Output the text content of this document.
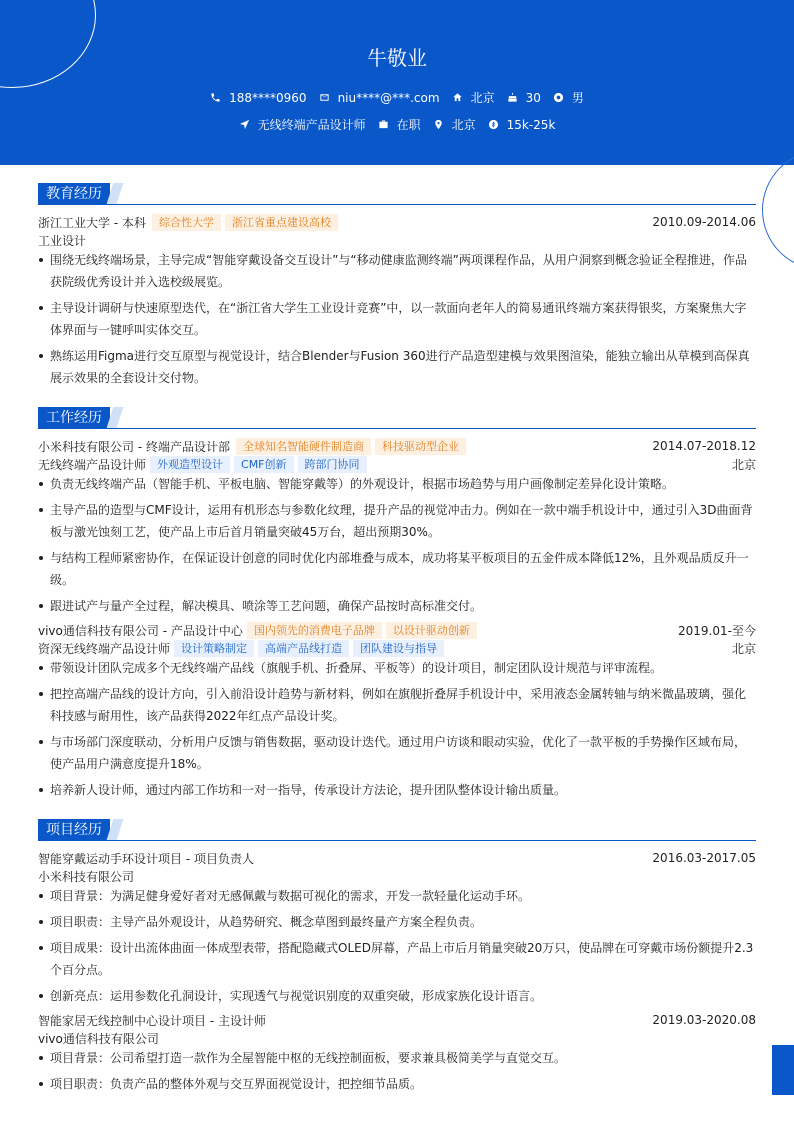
牛敬业
188****0960	niu****@***.com	北京	30	男
无线终端产品设计师	在职	北京	15k-25k
教育经历
浙江工业大学 - 本科	综合性大学	浙江省重点建设高校	2010.09-2014.06
工业设计
围绕无线终端场景，主导完成“智能穿戴设备交互设计”与“移动健康监测终端”两项课程作品，从用户洞察到概念验证全程推进，作品获院级优秀设计并入选校级展览。
主导设计调研与快速原型迭代，在“浙江省大学生工业设计竞赛”中，以一款面向老年人的简易通讯终端方案获得银奖，方案聚焦大字体界面与一键呼叫实体交互。
熟练运用Figma进行交互原型与视觉设计，结合Blender与Fusion 360进行产品造型建模与效果图渲染，能独立输出从草模到高保真展示效果的全套设计交付物。
工作经历
小米科技有限公司 - 终端产品设计部	全球知名智能硬件制造商	科技驱动型企业	2014.07-2018.12
无线终端产品设计师	外观造型设计	CMF创新	跨部门协同	北京
负责无线终端产品（智能手机、平板电脑、智能穿戴等）的外观设计，根据市场趋势与用户画像制定差异化设计策略。
主导产品的造型与CMF设计，运用有机形态与参数化纹理，提升产品的视觉冲击力。例如在一款中端手机设计中，通过引入3D曲面背板与激光蚀刻工艺，使产品上市后首月销量突破45万台，超出预期30%。
与结构工程师紧密协作，在保证设计创意的同时优化内部堆叠与成本，成功将某平板项目的五金件成本降低12%，且外观品质反升一级。
跟进试产与量产全过程，解决模具、喷涂等工艺问题，确保产品按时高标准交付。
vivo通信科技有限公司 - 产品设计中心	国内领先的消费电子品牌	以设计驱动创新	2019.01-至今
资深无线终端产品设计师	设计策略制定	高端产品线打造	团队建设与指导	北京
带领设计团队完成多个无线终端产品线（旗舰手机、折叠屏、平板等）的设计项目，制定团队设计规范与评审流程。
把控高端产品线的设计方向，引入前沿设计趋势与新材料，例如在旗舰折叠屏手机设计中，采用液态金属转轴与纳米微晶玻璃，强化科技感与耐用性，该产品获得2022年红点产品设计奖。
与市场部门深度联动，分析用户反馈与销售数据，驱动设计迭代。通过用户访谈和眼动实验，优化了一款平板的手势操作区域布局，使产品用户满意度提升18%。
培养新人设计师，通过内部工作坊和一对一指导，传承设计方法论，提升团队整体设计输出质量。
项目经历
智能穿戴运动手环设计项目 - 项目负责人	2016.03-2017.05
小米科技有限公司
项目背景：为满足健身爱好者对无感佩戴与数据可视化的需求，开发一款轻量化运动手环。
项目职责：主导产品外观设计，从趋势研究、概念草图到最终量产方案全程负责。
项目成果：设计出流体曲面一体成型表带，搭配隐藏式OLED屏幕，产品上市后月销量突破20万只，使品牌在可穿戴市场份额提升2.3个百分点。
创新亮点：运用参数化孔洞设计，实现透气与视觉识别度的双重突破，形成家族化设计语言。
智能家居无线控制中心设计项目 - 主设计师	2019.03-2020.08
vivo通信科技有限公司
项目背景：公司希望打造一款作为全屋智能中枢的无线控制面板，要求兼具极简美学与直觉交互。
项目职责：负责产品的整体外观与交互界面视觉设计，把控细节品质。
